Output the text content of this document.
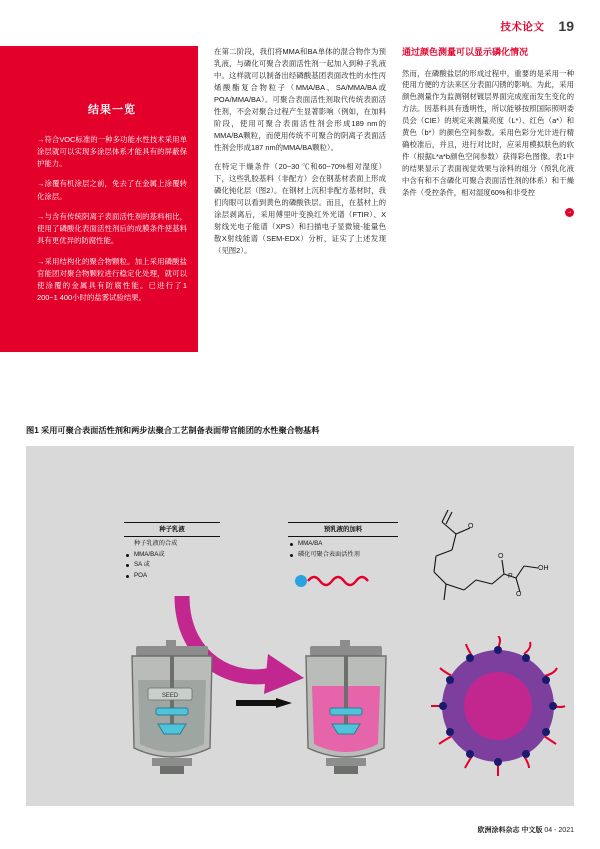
技术论文 19
结果一览

→符合VOC标准的一种多功能水性技术采用单涂层就可以实现多涂层体系才能具有的屏蔽保护能力。

→涂覆有机涂层之前，免去了在金属上涂覆转化涂层。

→与含有传统阴离子表面活性剂的基料相比，使用了磷酸化表面活性剂后的成膜条件使基料具有更优异的防腐性能。

→采用结构化的聚合物颗粒。加上采用磷酸盐官能团对聚合物颗粒进行稳定化处理，就可以使涂覆的金属具有防腐性能。已进行了1 200~1 400小时的盐雾试验结果。

在第二阶段，我们将MMA和BA单体的混合物作为预乳液，与磷化可聚合表面活性剂一起加入到种子乳液中。这样就可以制备出经磷酸基团表面改性的水性丙烯酸酯复合物粒子（MMA/BA、SA/MMA/BA或POA/MMA/BA）。可聚合表面活性剂取代传统表面活性剂，不会对聚合过程产生显著影响（例如，在加料阶段，使用可聚合表面活性剂会形成189 nm的MMA/BA颗粒，而使用传统不可聚合的阴离子表面活性剂会形成187 nm的MMA/BA颗粒）。

在特定干燥条件（20~30 ℃和60~70%相对湿度）下，这些乳胶基料（非配方）会在钢基材表面上形成磷化钝化层（图2）。在钢材上沉积非配方基材时，我们肉眼可以看到黄色的磷酸铁层。而且，在基材上的涂层剥离后，采用傅里叶变换红外光谱（FTIR）、X射线光电子能谱（XPS）和扫描电子显微镜-能量色散X射线能谱（SEM-EDX）分析，证实了上述发现（见图2）。

通过颜色测量可以显示磷化情况

然而，在磷酸盐层的形成过程中，重要的是采用一种使用方便的方法来区分表面闪锈的影响。为此，采用颜色测量作为监测钢材镀层界面完成度而发生变化的方法。因基料具有透明性，所以能够按照国际照明委员会（CIE）的规定来测量亮度（L*）、红色（a*）和黄色（b*）的颜色空间参数。采用色彩分光计进行精确校准后，并且，进行对比时，应采用模拟肤色的软件（根据L*a*b颜色空间参数）获得彩色图像。表1中的结果显示了表面视觉效果与涂料的组分（预乳化液中含有和不含磷化可聚合表面活性剂的体系）和干燥条件（受控条件，相对湿度60%和非受控

→
图1 采用可聚合表面活性剂和两步法聚合工艺制备表面带官能团的水性聚合物基料
种子乳液
种子乳液的合成
MMA/BA或
SA 或
POA
预乳液的加料
MMA/BA
磷化可聚合表面活性剂
O
O
O
OH
P
SEED
欧洲涂料杂志 中文版 04 - 2021
